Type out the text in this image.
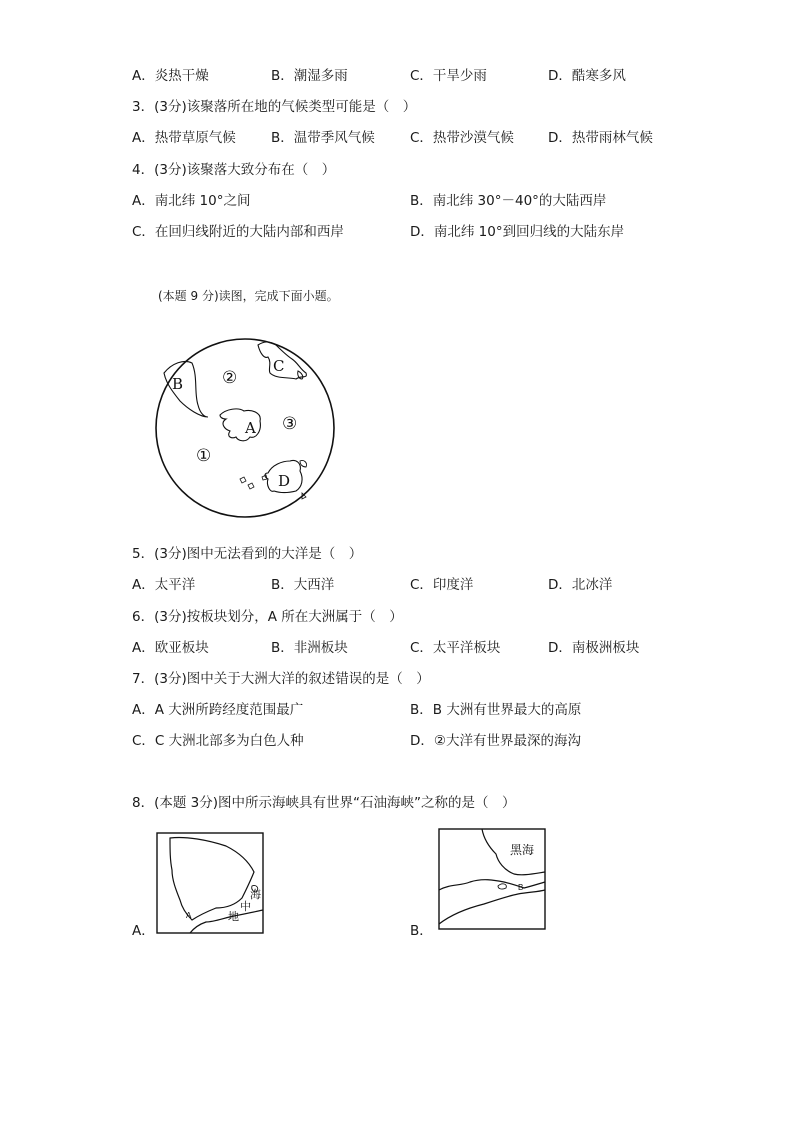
A．炎热干燥	B．潮湿多雨	C．干旱少雨	D．酷寒多风
3．(3分)该聚落所在地的气候类型可能是（　）
A．热带草原气候	B．温带季风气候	C．热带沙漠气候	D．热带雨林气候
4．(3分)该聚落大致分布在（　）
A．南北纬 10°之间	B．南北纬 30°－40°的大陆西岸
C．在回归线附近的大陆内部和西岸	D．南北纬 10°到回归线的大陆东岸
(本题 9 分)读图，完成下面小题。
B
C
A
D
②
③
①
5．(3分)图中无法看到的大洋是（　）
A．太平洋	B．大西洋	C．印度洋	D．北冰洋
6．(3分)按板块划分，A 所在大洲属于（　）
A．欧亚板块	B．非洲板块	C．太平洋板块	D．南极洲板块
7．(3分)图中关于大洲大洋的叙述错误的是（　）
A．A 大洲所跨经度范围最广	B．B 大洲有世界最大的高原
C．C 大洲北部多为白色人种	D．②大洋有世界最深的海沟
8．(本题 3分)图中所示海峡具有世界“石油海峡”之称的是（　）
A．
海
中
地
A
B．
黑海
B
